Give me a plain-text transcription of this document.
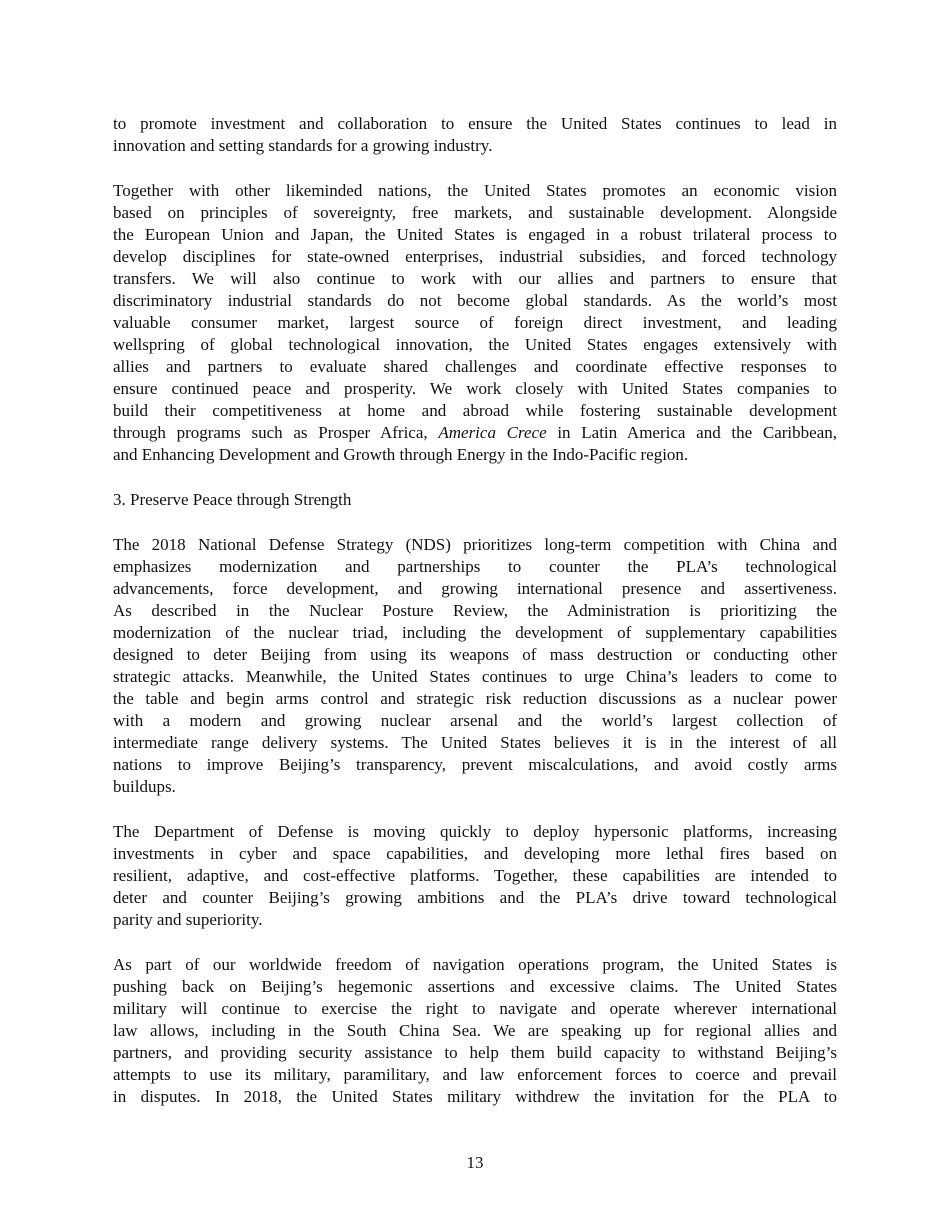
to promote investment and collaboration to ensure the United States continues to lead in
innovation and setting standards for a growing industry.
Together with other likeminded nations, the United States promotes an economic vision
based on principles of sovereignty, free markets, and sustainable development. Alongside
the European Union and Japan, the United States is engaged in a robust trilateral process to
develop disciplines for state-owned enterprises, industrial subsidies, and forced technology
transfers. We will also continue to work with our allies and partners to ensure that
discriminatory industrial standards do not become global standards. As the world’s most
valuable consumer market, largest source of foreign direct investment, and leading
wellspring of global technological innovation, the United States engages extensively with
allies and partners to evaluate shared challenges and coordinate effective responses to
ensure continued peace and prosperity. We work closely with United States companies to
build their competitiveness at home and abroad while fostering sustainable development
through programs such as Prosper Africa, America Crece in Latin America and the Caribbean,
and Enhancing Development and Growth through Energy in the Indo-Pacific region.
3. Preserve Peace through Strength
The 2018 National Defense Strategy (NDS) prioritizes long-term competition with China and
emphasizes modernization and partnerships to counter the PLA’s technological
advancements, force development, and growing international presence and assertiveness.
As described in the Nuclear Posture Review, the Administration is prioritizing the
modernization of the nuclear triad, including the development of supplementary capabilities
designed to deter Beijing from using its weapons of mass destruction or conducting other
strategic attacks. Meanwhile, the United States continues to urge China’s leaders to come to
the table and begin arms control and strategic risk reduction discussions as a nuclear power
with a modern and growing nuclear arsenal and the world’s largest collection of
intermediate range delivery systems. The United States believes it is in the interest of all
nations to improve Beijing’s transparency, prevent miscalculations, and avoid costly arms
buildups.
The Department of Defense is moving quickly to deploy hypersonic platforms, increasing
investments in cyber and space capabilities, and developing more lethal fires based on
resilient, adaptive, and cost-effective platforms. Together, these capabilities are intended to
deter and counter Beijing’s growing ambitions and the PLA’s drive toward technological
parity and superiority.
As part of our worldwide freedom of navigation operations program, the United States is
pushing back on Beijing’s hegemonic assertions and excessive claims. The United States
military will continue to exercise the right to navigate and operate wherever international
law allows, including in the South China Sea. We are speaking up for regional allies and
partners, and providing security assistance to help them build capacity to withstand Beijing’s
attempts to use its military, paramilitary, and law enforcement forces to coerce and prevail
in disputes. In 2018, the United States military withdrew the invitation for the PLA to
13
